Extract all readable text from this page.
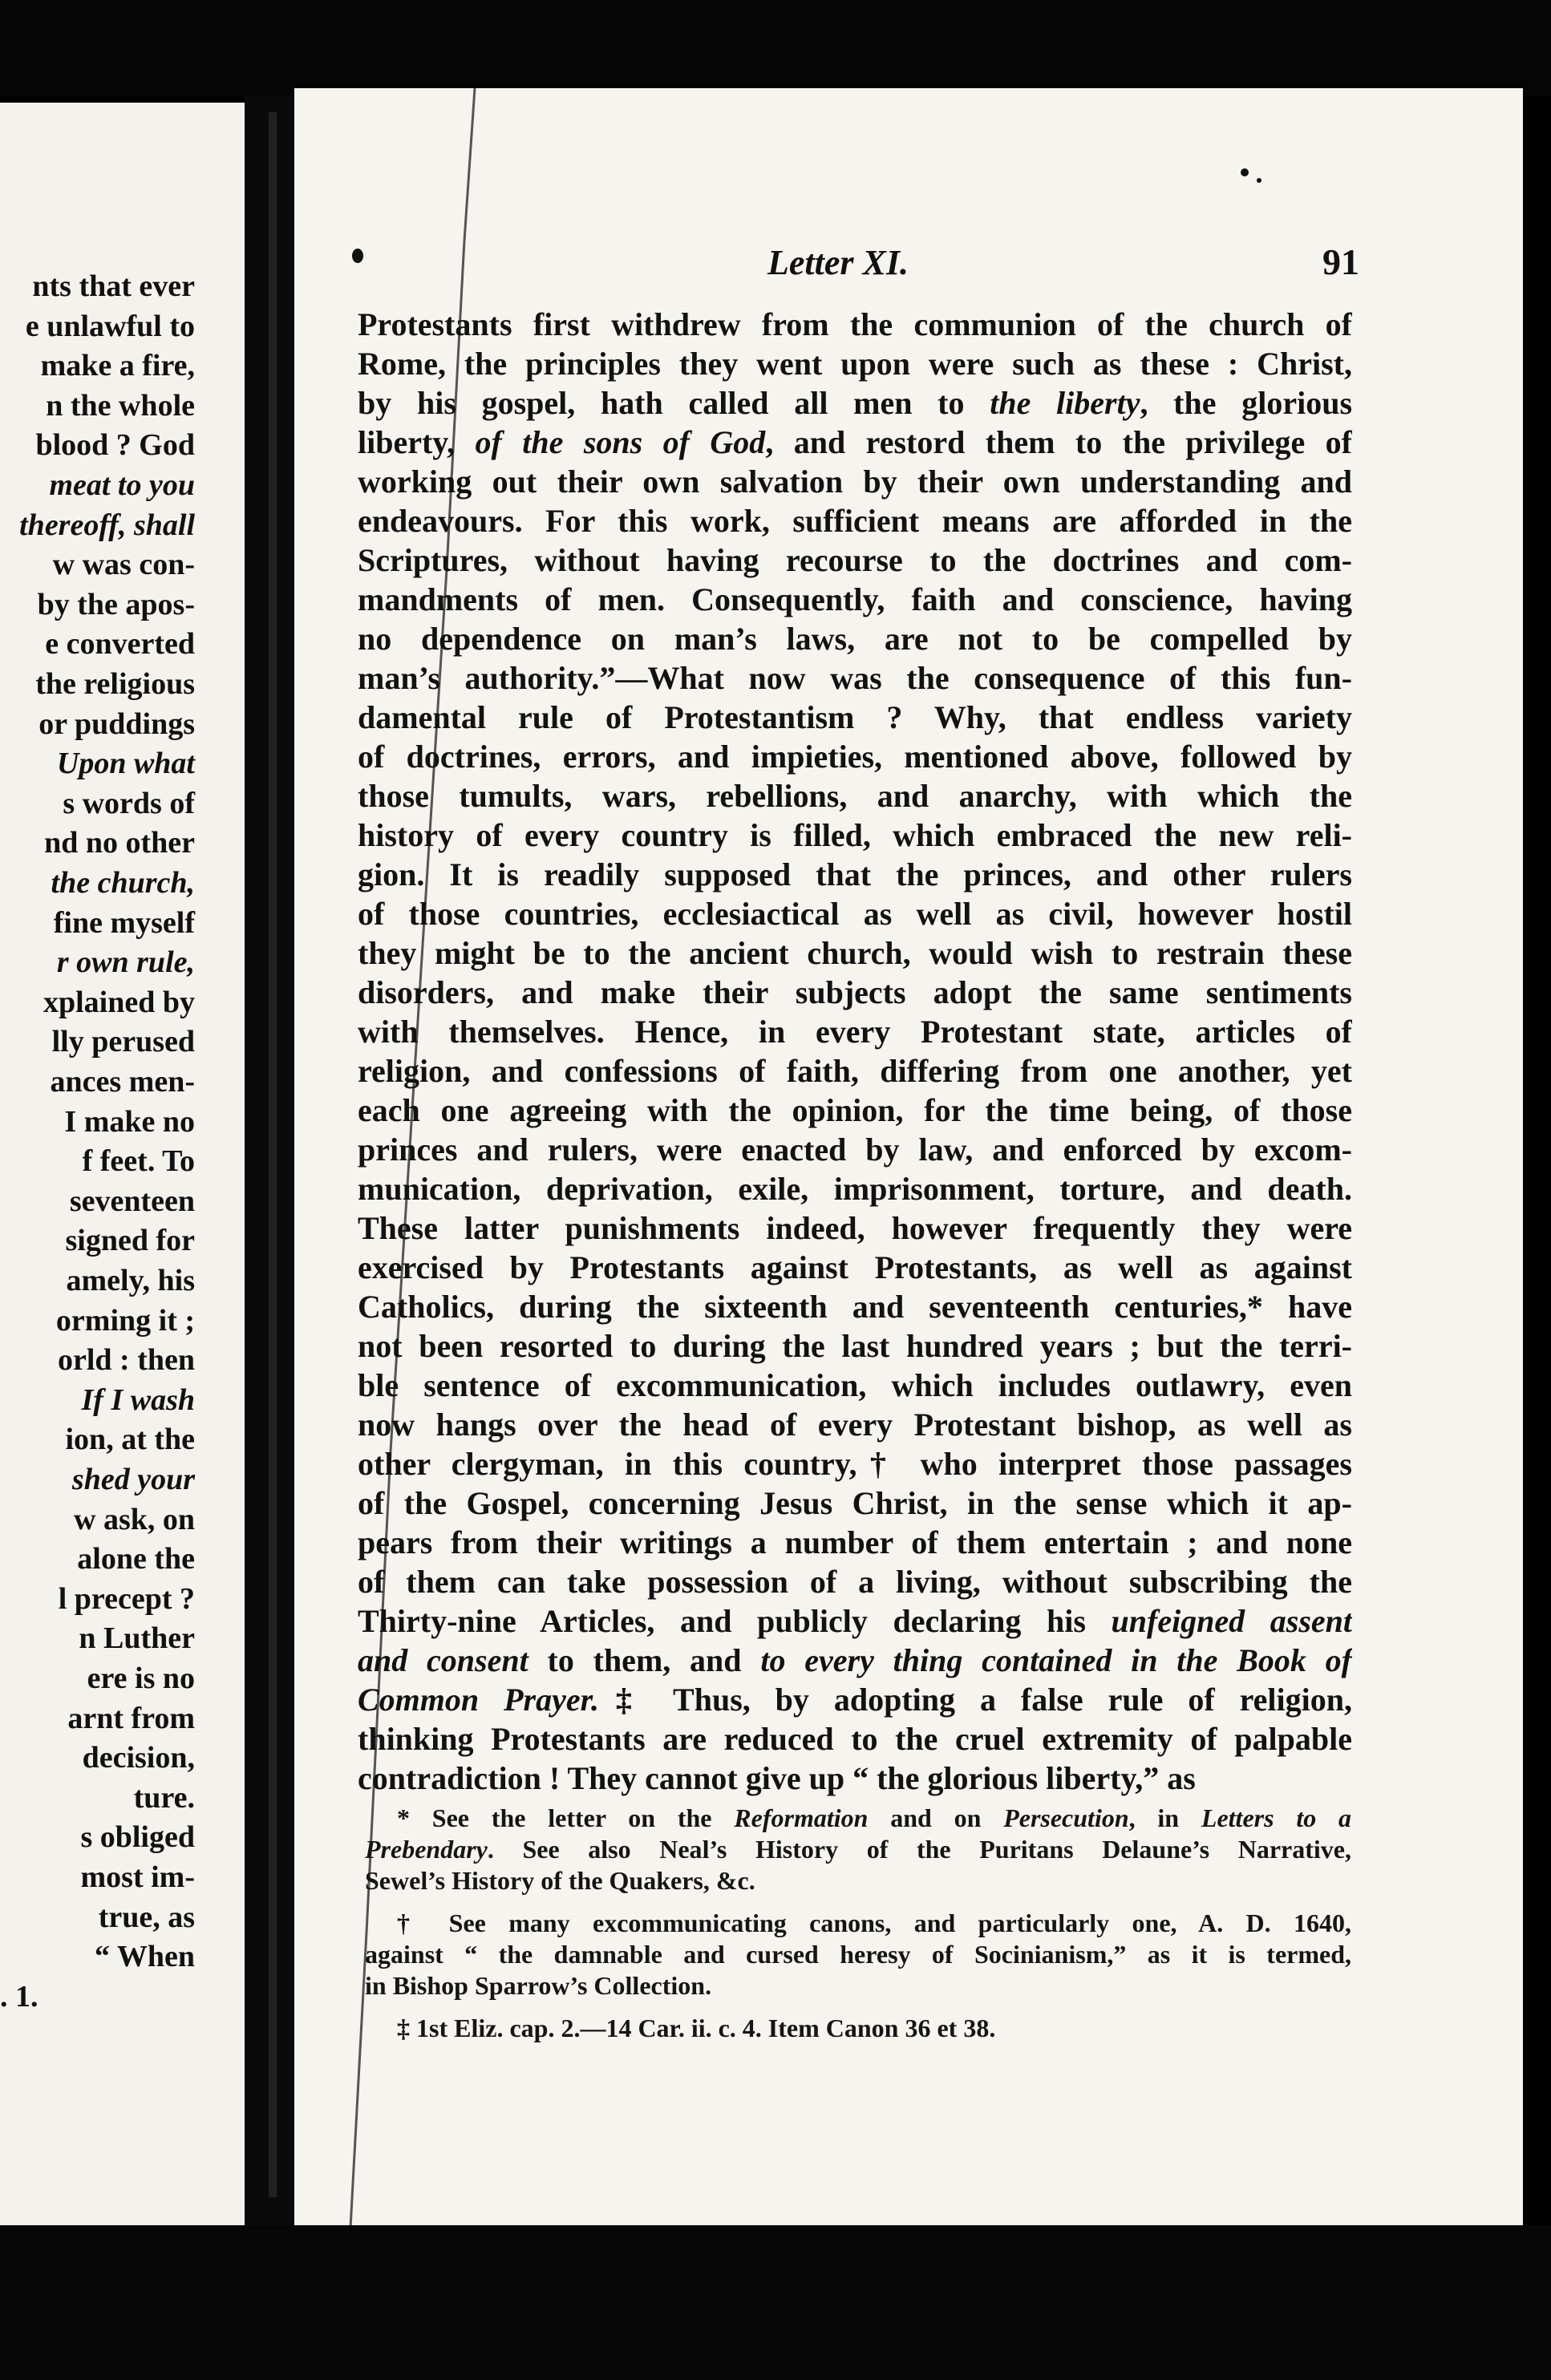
nts that ever
e unlawful to
make a fire,
n the whole
blood ? God
meat to you
thereoff, shall
w was con-
by the apos-
e converted
the religious
or puddings
Upon what
s words of
nd no other
the church,
fine myself
r own rule,
xplained by
lly perused
ances men-
I make no
f feet. To
seventeen
signed for
amely, his
orming it ;
orld : then
If I wash
ion, at the
shed your
w ask, on
alone the
l precept ?
n Luther
ere is no
arnt from
decision,
ture.
s obliged
most im-
true, as
“ When
. 1.
Letter XI.	91
Protestants first withdrew from the communion of the church of
Rome, the principles they went upon were such as these : Christ,
by his gospel, hath called all men to the liberty, the glorious
liberty, of the sons of God, and restord them to the privilege of
working out their own salvation by their own understanding and
endeavours. For this work, sufficient means are afforded in the
Scriptures, without having recourse to the doctrines and com-
mandments of men. Consequently, faith and conscience, having
no dependence on man’s laws, are not to be compelled by
man’s authority.”—What now was the consequence of this fun-
damental rule of Protestantism ? Why, that endless variety
of doctrines, errors, and impieties, mentioned above, followed by
those tumults, wars, rebellions, and anarchy, with which the
history of every country is filled, which embraced the new reli-
gion. It is readily supposed that the princes, and other rulers
of those countries, ecclesiactical as well as civil, however hostil
they might be to the ancient church, would wish to restrain these
disorders, and make their subjects adopt the same sentiments
with themselves. Hence, in every Protestant state, articles of
religion, and confessions of faith, differing from one another, yet
each one agreeing with the opinion, for the time being, of those
princes and rulers, were enacted by law, and enforced by excom-
munication, deprivation, exile, imprisonment, torture, and death.
These latter punishments indeed, however frequently they were
exercised by Protestants against Protestants, as well as against
Catholics, during the sixteenth and seventeenth centuries,* have
not been resorted to during the last hundred years ; but the terri-
ble sentence of excommunication, which includes outlawry, even
now hangs over the head of every Protestant bishop, as well as
other clergyman, in this country,† who interpret those passages
of the Gospel, concerning Jesus Christ, in the sense which it ap-
pears from their writings a number of them entertain ; and none
of them can take possession of a living, without subscribing the
Thirty-nine Articles, and publicly declaring his unfeigned assent
and consent to them, and to every thing contained in the Book of
Common Prayer.‡ Thus, by adopting a false rule of religion,
thinking Protestants are reduced to the cruel extremity of palpable
contradiction ! They cannot give up “ the glorious liberty,” as
* See the letter on the Reformation and on Persecution, in Letters to a
Prebendary. See also Neal’s History of the Puritans Delaune’s Narrative,
Sewel’s History of the Quakers, &c.
† See many excommunicating canons, and particularly one, A. D. 1640,
against “ the damnable and cursed heresy of Socinianism,” as it is termed,
in Bishop Sparrow’s Collection.
‡ 1st Eliz. cap. 2.—14 Car. ii. c. 4. Item Canon 36 et 38.
